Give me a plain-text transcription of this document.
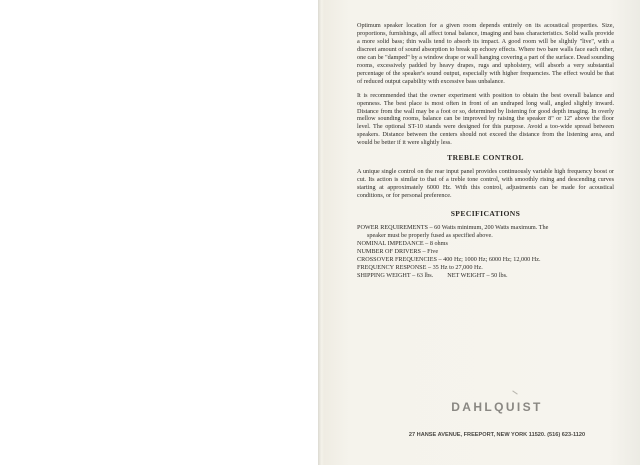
Optimum speaker location for a given room depends entirely on its acoustical properties. Size, proportions, furnishings, all affect tonal balance, imaging and bass characteristics. Solid walls provide a more solid bass; thin walls tend to absorb its impact. A good room will be slightly "live", with a discreet amount of sound absorption to break up echoey effects. Where two bare walls face each other, one can be "damped" by a window drape or wall hanging covering a part of the surface. Dead sounding rooms, excessively padded by heavy drapes, rugs and upholstery, will absorb a very substantial percentage of the speaker's sound output, especially with higher frequencies. The effect would be that of reduced output capability with excessive bass unbalance.

It is recommended that the owner experiment with position to obtain the best overall balance and openness. The best place is most often in front of an undraped long wall, angled slightly inward. Distance from the wall may be a foot or so, determined by listening for good depth imaging. In overly mellow sounding rooms, balance can be improved by raising the speaker 8" or 12" above the floor level. The optional ST-10 stands were designed for this purpose. Avoid a too-wide spread between speakers. Distance between the centers should not exceed the distance from the listening area, and would be better if it were slightly less.

TREBLE CONTROL

A unique single control on the rear input panel provides continuously variable high frequency boost or cut. Its action is similar to that of a treble tone control, with smoothly rising and descending curves starting at approximately 6000 Hz. With this control, adjustments can be made for acoustical conditions, or for personal preference.

SPECIFICATIONS

POWER REQUIREMENTS – 60 Watts minimum, 200 Watts maximum. The

speaker must be properly fused as specified above.

NOMINAL IMPEDANCE – 8 ohms

NUMBER OF DRIVERS – Five

CROSSOVER FREQUENCIES – 400 Hz; 1000 Hz; 6000 Hz; 12,000 Hz.

FREQUENCY RESPONSE – 35 Hz to 27,000 Hz.

SHIPPING WEIGHT – 63 lbs. NET WEIGHT – 50 lbs.
DAHLQUIST
27 HANSE AVENUE, FREEPORT, NEW YORK 11520. (516) 623-1120
